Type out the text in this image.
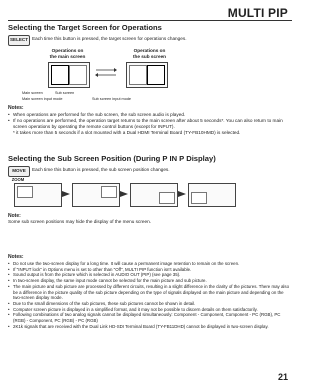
MULTI PIP
Selecting the Target Screen for Operations
SELECT Each time this button is pressed, the target screen for operations changes.
Operations on
the main screen
Operations on
the sub screen
Main screen	Sub screen
Main screen input mode	Sub screen input mode
Notes:
• When operations are performed for the sub screen, the sub screen audio is played.
• If no operations are performed, the operation target returns to the main screen after about 5 seconds*. You can also return to main screen operations by operating the remote control buttons (except for INPUT).
* it takes more than 5 seconds if a slot mounted with a Dual HDMI Terminal Board (TY-FB10HMD) is selected.
Selecting the Sub Screen Position (During P IN P Display)
MOVE
ZOOM
Each time this button is pressed, the sub screen position changes.
Note:
Some sub screen positions may hide the display of the menu screen.
Notes:
• Do not use the two-screen display for a long time. It will cause a permanent image retention to remain on the screen.
• If "INPUT lock" in Options menu is set to other than "Off", MULTI PIP function isn't available.
• Sound output is from the picture which is selected in AUDIO OUT (PIP) (see page 35).
• In two-screen display, the same input mode cannot be selected for the main picture and sub picture.
• The main picture and sub picture are processed by different circuits, resulting in a slight difference in the clarity of the pictures. There may also be a difference in the picture quality of the sub picture depending on the type of signals displayed on the main picture and depending on the two-screen display mode.
• Due to the small dimensions of the sub pictures, these sub pictures cannot be shown in detail.
• Computer screen picture is displayed in a simplified format, and it may not be possible to discern details on them satisfactorily.
• Following combinations of two analog signals cannot be displayed simultaneously: Component - Component, Component - PC (RGB), PC (RGB) - Component, PC (RGB) - PC (RGB)
• 2K1k signals that are received with the Dual Link HD-SDI Terminal Board (TY-FB11DHD) cannot be displayed in two-screen display.
21
